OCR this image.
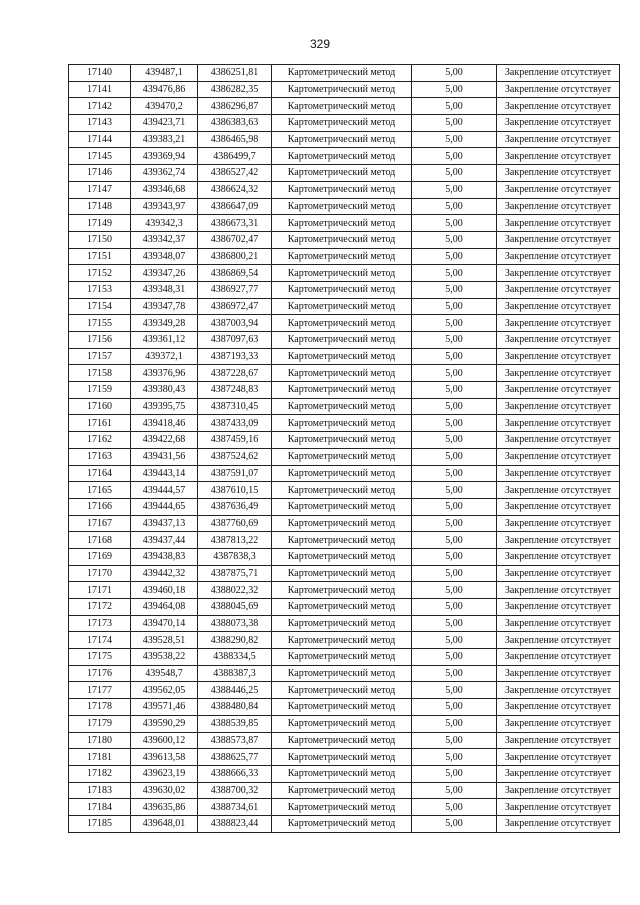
329
17140	439487,1	4386251,81	Картометрический метод	5,00	Закрепление отсутствует
17141	439476,86	4386282,35	Картометрический метод	5,00	Закрепление отсутствует
17142	439470,2	4386296,87	Картометрический метод	5,00	Закрепление отсутствует
17143	439423,71	4386383,63	Картометрический метод	5,00	Закрепление отсутствует
17144	439383,21	4386465,98	Картометрический метод	5,00	Закрепление отсутствует
17145	439369,94	4386499,7	Картометрический метод	5,00	Закрепление отсутствует
17146	439362,74	4386527,42	Картометрический метод	5,00	Закрепление отсутствует
17147	439346,68	4386624,32	Картометрический метод	5,00	Закрепление отсутствует
17148	439343,97	4386647,09	Картометрический метод	5,00	Закрепление отсутствует
17149	439342,3	4386673,31	Картометрический метод	5,00	Закрепление отсутствует
17150	439342,37	4386702,47	Картометрический метод	5,00	Закрепление отсутствует
17151	439348,07	4386800,21	Картометрический метод	5,00	Закрепление отсутствует
17152	439347,26	4386869,54	Картометрический метод	5,00	Закрепление отсутствует
17153	439348,31	4386927,77	Картометрический метод	5,00	Закрепление отсутствует
17154	439347,78	4386972,47	Картометрический метод	5,00	Закрепление отсутствует
17155	439349,28	4387003,94	Картометрический метод	5,00	Закрепление отсутствует
17156	439361,12	4387097,63	Картометрический метод	5,00	Закрепление отсутствует
17157	439372,1	4387193,33	Картометрический метод	5,00	Закрепление отсутствует
17158	439376,96	4387228,67	Картометрический метод	5,00	Закрепление отсутствует
17159	439380,43	4387248,83	Картометрический метод	5,00	Закрепление отсутствует
17160	439395,75	4387310,45	Картометрический метод	5,00	Закрепление отсутствует
17161	439418,46	4387433,09	Картометрический метод	5,00	Закрепление отсутствует
17162	439422,68	4387459,16	Картометрический метод	5,00	Закрепление отсутствует
17163	439431,56	4387524,62	Картометрический метод	5,00	Закрепление отсутствует
17164	439443,14	4387591,07	Картометрический метод	5,00	Закрепление отсутствует
17165	439444,57	4387610,15	Картометрический метод	5,00	Закрепление отсутствует
17166	439444,65	4387636,49	Картометрический метод	5,00	Закрепление отсутствует
17167	439437,13	4387760,69	Картометрический метод	5,00	Закрепление отсутствует
17168	439437,44	4387813,22	Картометрический метод	5,00	Закрепление отсутствует
17169	439438,83	4387838,3	Картометрический метод	5,00	Закрепление отсутствует
17170	439442,32	4387875,71	Картометрический метод	5,00	Закрепление отсутствует
17171	439460,18	4388022,32	Картометрический метод	5,00	Закрепление отсутствует
17172	439464,08	4388045,69	Картометрический метод	5,00	Закрепление отсутствует
17173	439470,14	4388073,38	Картометрический метод	5,00	Закрепление отсутствует
17174	439528,51	4388290,82	Картометрический метод	5,00	Закрепление отсутствует
17175	439538,22	4388334,5	Картометрический метод	5,00	Закрепление отсутствует
17176	439548,7	4388387,3	Картометрический метод	5,00	Закрепление отсутствует
17177	439562,05	4388446,25	Картометрический метод	5,00	Закрепление отсутствует
17178	439571,46	4388480,84	Картометрический метод	5,00	Закрепление отсутствует
17179	439590,29	4388539,85	Картометрический метод	5,00	Закрепление отсутствует
17180	439600,12	4388573,87	Картометрический метод	5,00	Закрепление отсутствует
17181	439613,58	4388625,77	Картометрический метод	5,00	Закрепление отсутствует
17182	439623,19	4388666,33	Картометрический метод	5,00	Закрепление отсутствует
17183	439630,02	4388700,32	Картометрический метод	5,00	Закрепление отсутствует
17184	439635,86	4388734,61	Картометрический метод	5,00	Закрепление отсутствует
17185	439648,01	4388823,44	Картометрический метод	5,00	Закрепление отсутствует
